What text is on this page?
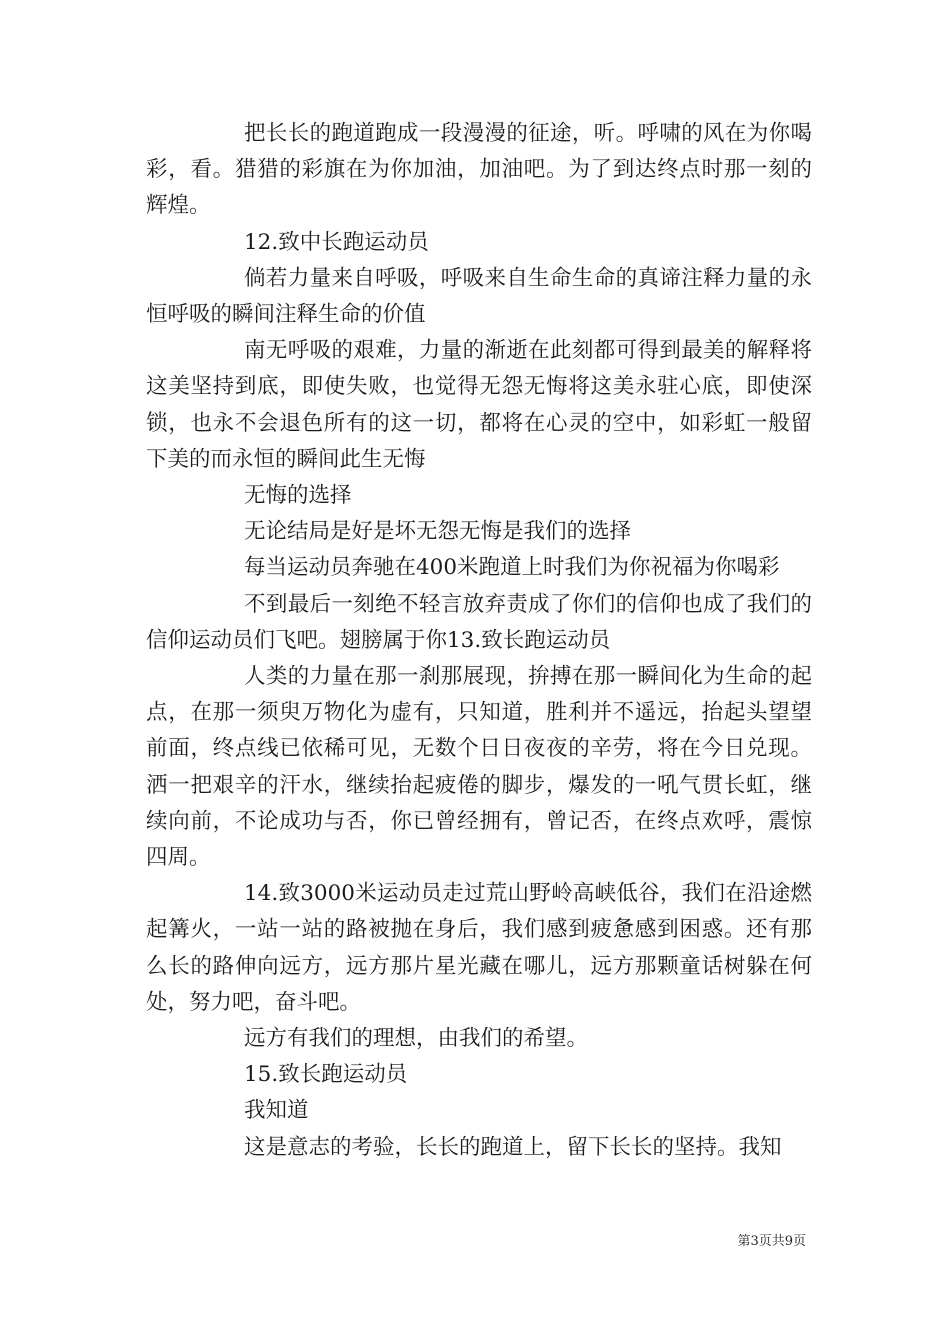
把长长的跑道跑成一段漫漫的征途，听。呼啸的风在为你喝彩，看。猎猎的彩旗在为你加油，加油吧。为了到达终点时那一刻的辉煌。

12.致中长跑运动员

倘若力量来自呼吸，呼吸来自生命生命的真谛注释力量的永恒呼吸的瞬间注释生命的价值

南无呼吸的艰难，力量的渐逝在此刻都可得到最美的解释将这美坚持到底，即使失败，也觉得无怨无悔将这美永驻心底，即使深锁，也永不会退色所有的这一切，都将在心灵的空中，如彩虹一般留下美的而永恒的瞬间此生无悔

无悔的选择

无论结局是好是坏无怨无悔是我们的选择

每当运动员奔驰在400米跑道上时我们为你祝福为你喝彩

不到最后一刻绝不轻言放弃责成了你们的信仰也成了我们的信仰运动员们飞吧。翅膀属于你13.致长跑运动员

人类的力量在那一刹那展现，拚搏在那一瞬间化为生命的起点，在那一须臾万物化为虚有，只知道，胜利并不遥远，抬起头望望前面，终点线已依稀可见，无数个日日夜夜的辛劳，将在今日兑现。洒一把艰辛的汗水，继续抬起疲倦的脚步，爆发的一吼气贯长虹，继续向前，不论成功与否，你已曾经拥有，曾记否，在终点欢呼，震惊四周。

14.致3000米运动员走过荒山野岭高峡低谷，我们在沿途燃起篝火，一站一站的路被抛在身后，我们感到疲惫感到困惑。还有那么长的路伸向远方，远方那片星光藏在哪儿，远方那颗童话树躲在何处，努力吧，奋斗吧。

远方有我们的理想，由我们的希望。

15.致长跑运动员

我知道

这是意志的考验，长长的跑道上，留下长长的坚持。我知

第3页共9页
